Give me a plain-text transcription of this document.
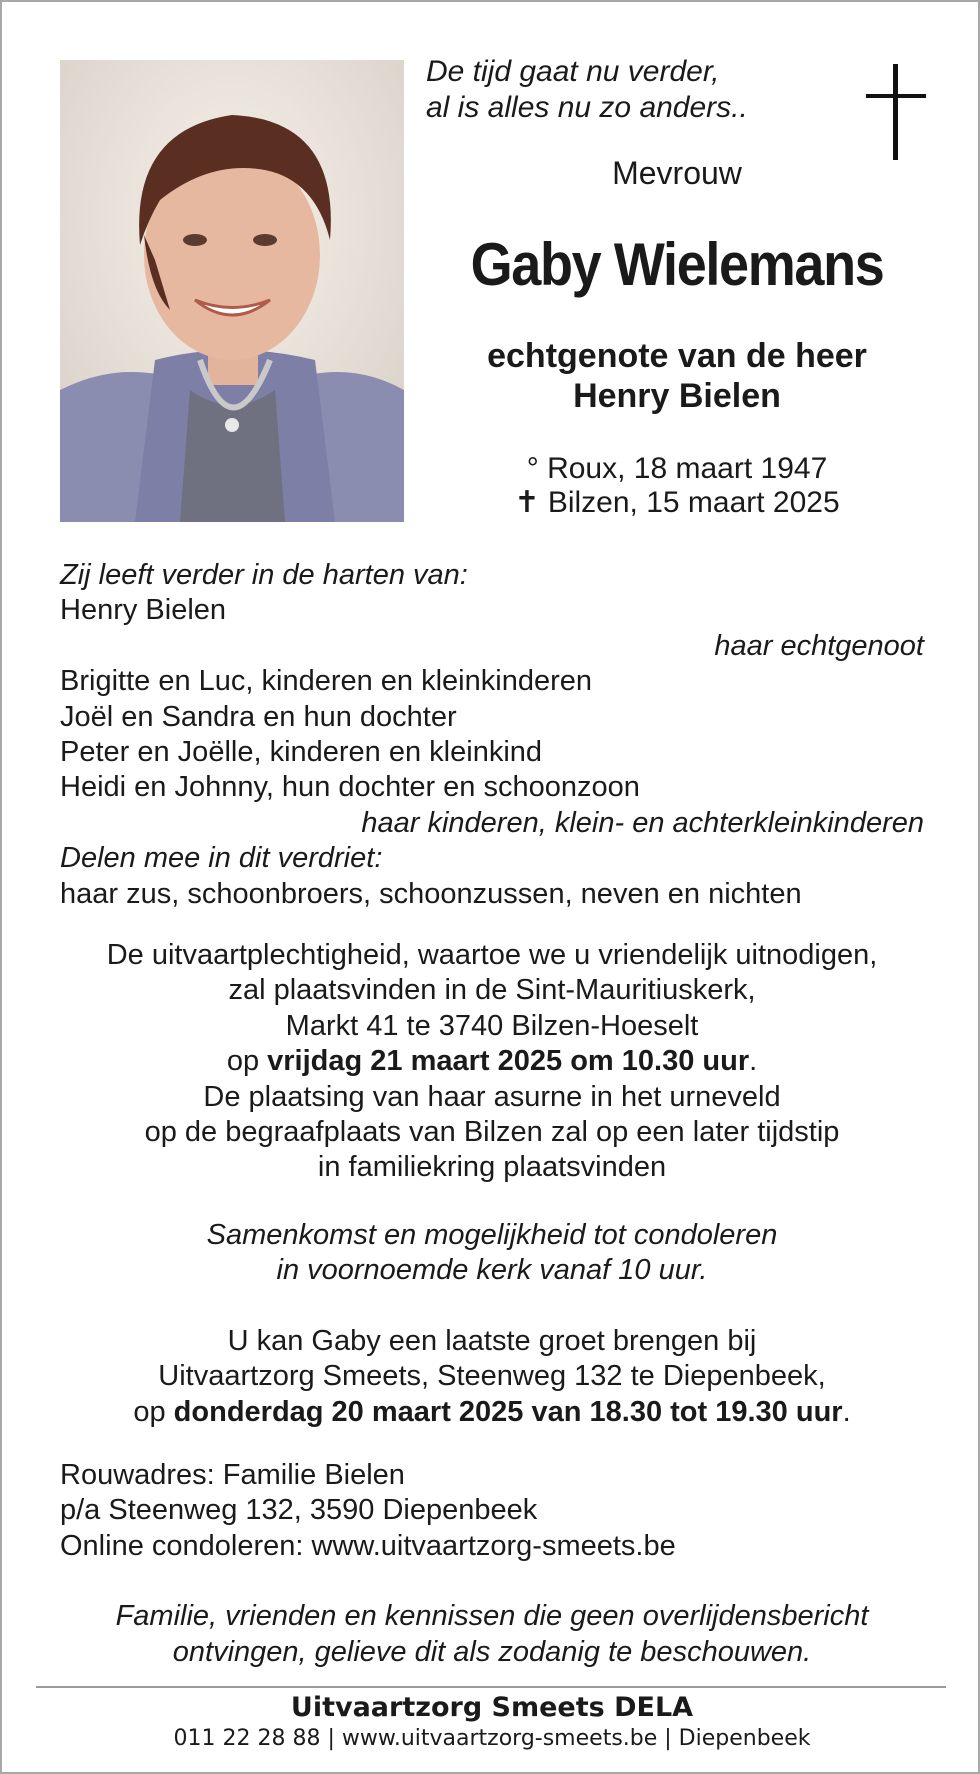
De tijd gaat nu verder,
al is alles nu zo anders..
Mevrouw
Gaby Wielemans
echtgenote van de heer
Henry Bielen
° Roux, 18 maart 1947
✝ Bilzen, 15 maart 2025
Zij leeft verder in de harten van:
Henry Bielen
haar echtgenoot
Brigitte en Luc, kinderen en kleinkinderen
Joël en Sandra en hun dochter
Peter en Joëlle, kinderen en kleinkind
Heidi en Johnny, hun dochter en schoonzoon
haar kinderen, klein- en achterkleinkinderen
Delen mee in dit verdriet:
haar zus, schoonbroers, schoonzussen, neven en nichten
De uitvaartplechtigheid, waartoe we u vriendelijk uitnodigen,
zal plaatsvinden in de Sint-Mauritiuskerk,
Markt 41 te 3740 Bilzen-Hoeselt
op vrijdag 21 maart 2025 om 10.30 uur.
De plaatsing van haar asurne in het urneveld
op de begraafplaats van Bilzen zal op een later tijdstip
in familiekring plaatsvinden
Samenkomst en mogelijkheid tot condoleren
in voornoemde kerk vanaf 10 uur.
U kan Gaby een laatste groet brengen bij
Uitvaartzorg Smeets, Steenweg 132 te Diepenbeek,
op donderdag 20 maart 2025 van 18.30 tot 19.30 uur.
Rouwadres: Familie Bielen
p/a Steenweg 132, 3590 Diepenbeek
Online condoleren: www.uitvaartzorg-smeets.be
Familie, vrienden en kennissen die geen overlijdensbericht
ontvingen, gelieve dit als zodanig te beschouwen.
Uitvaartzorg Smeets DELA
011 22 28 88 | www.uitvaartzorg-smeets.be | Diepenbeek
